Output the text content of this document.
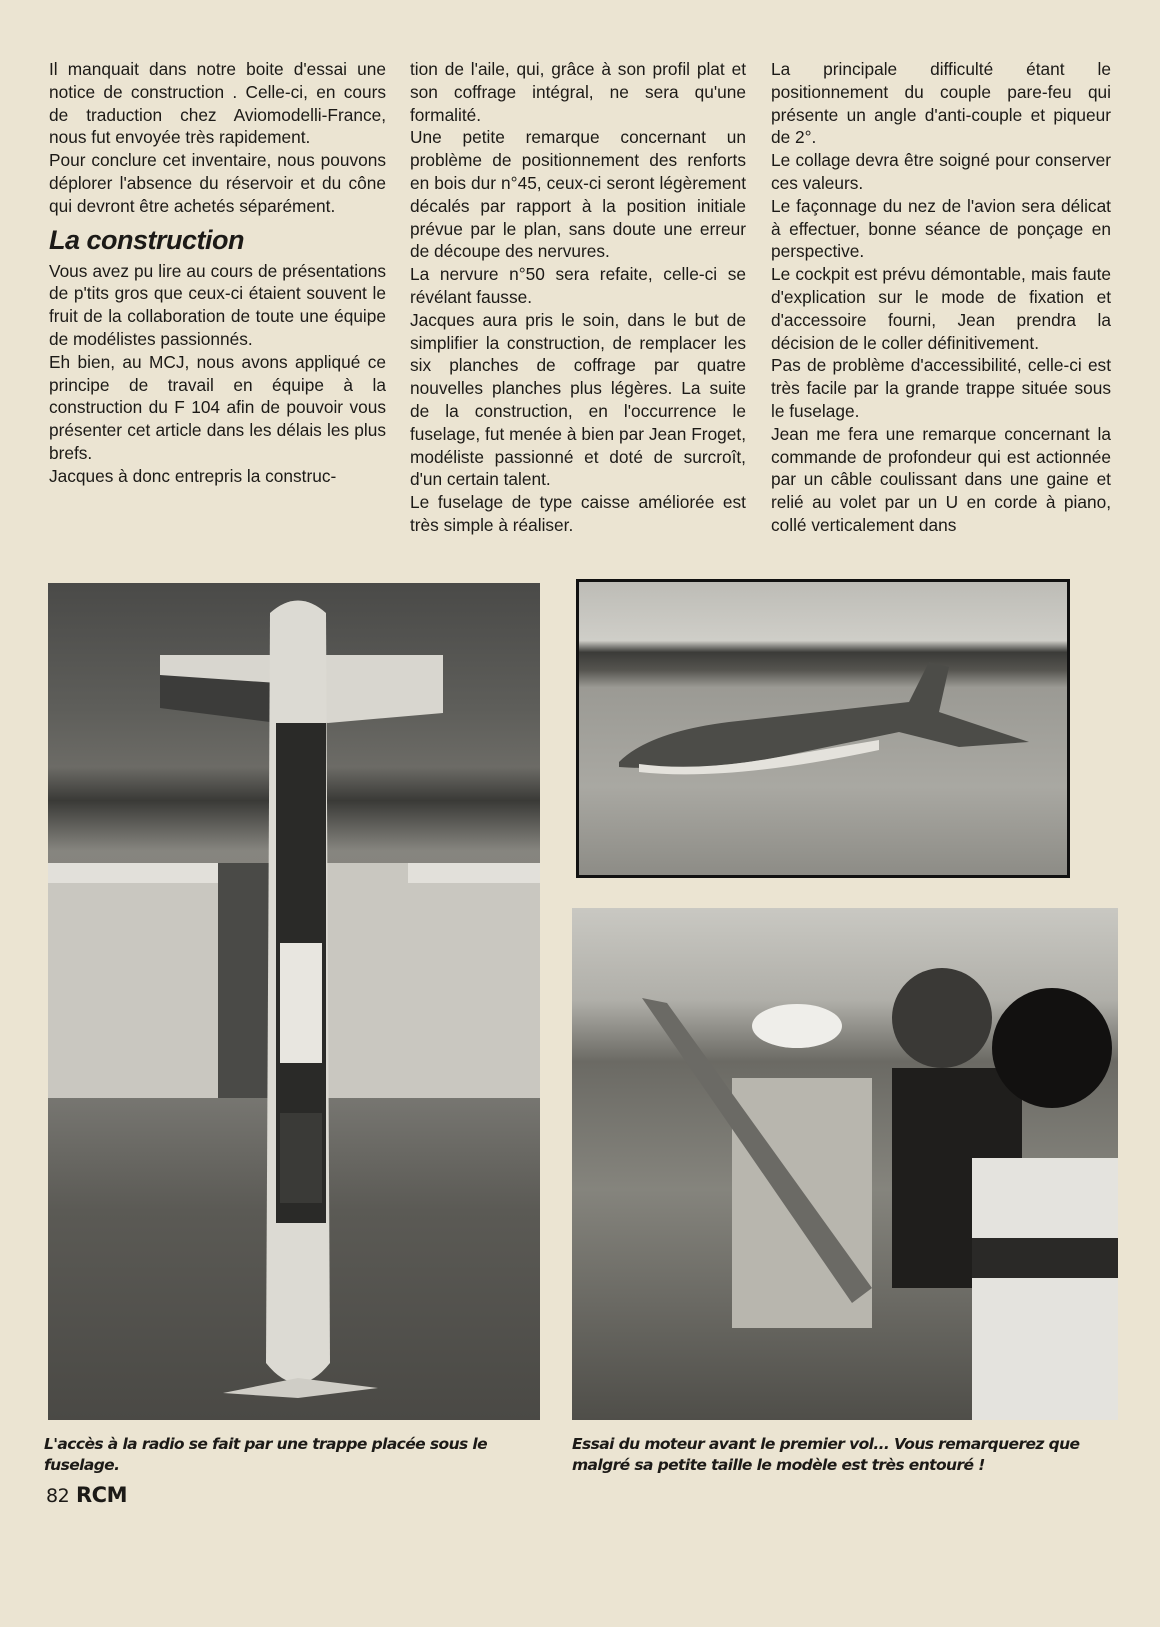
Il manquait dans notre boite d'essai une notice de construction . Celle-ci, en cours de traduction chez Aviomodelli-France, nous fut envoyée très rapidement.

Pour conclure cet inventaire, nous pouvons déplorer l'absence du réservoir et du cône qui devront être achetés séparément.

La construction

Vous avez pu lire au cours de présentations de p'tits gros que ceux-ci étaient souvent le fruit de la collaboration de toute une équipe de modélistes passionnés.

Eh bien, au MCJ, nous avons appliqué ce principe de travail en équipe à la construction du F 104 afin de pouvoir vous présenter cet article dans les délais les plus brefs.

Jacques à donc entrepris la construc-

tion de l'aile, qui, grâce à son profil plat et son coffrage intégral, ne sera qu'une formalité.

Une petite remarque concernant un problème de positionnement des renforts en bois dur n°45, ceux-ci seront légèrement décalés par rapport à la position initiale prévue par le plan, sans doute une erreur de découpe des nervures.

La nervure n°50 sera refaite, celle-ci se révélant fausse.

Jacques aura pris le soin, dans le but de simplifier la construction, de remplacer les six planches de coffrage par quatre nouvelles planches plus légères. La suite de la construction, en l'occurrence le fuselage, fut menée à bien par Jean Froget, modéliste passionné et doté de surcroît, d'un certain talent.

Le fuselage de type caisse améliorée est très simple à réaliser.

La principale difficulté étant le positionnement du couple pare-feu qui présente un angle d'anti-couple et piqueur de 2°.

Le collage devra être soigné pour conserver ces valeurs.

Le façonnage du nez de l'avion sera délicat à effectuer, bonne séance de ponçage en perspective.

Le cockpit est prévu démontable, mais faute d'explication sur le mode de fixation et d'accessoire fourni, Jean prendra la décision de le coller définitivement.

Pas de problème d'accessibilité, celle-ci est très facile par la grande trappe située sous le fuselage.

Jean me fera une remarque concernant la commande de profondeur qui est actionnée par un câble coulissant dans une gaine et relié au volet par un U en corde à piano, collé verticalement dans

L'accès à la radio se fait par une trappe placée sous le fuselage.
Essai du moteur avant le premier vol... Vous remarquerez que malgré sa petite taille le modèle est très entouré !
82 RCM
